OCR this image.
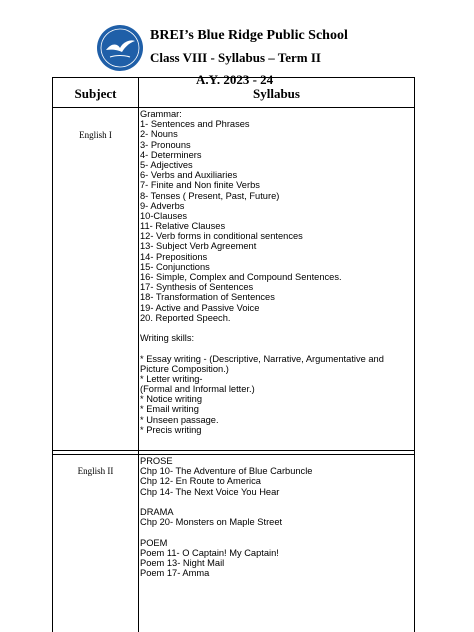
BREI’s Blue Ridge Public School
Class VIII - Syllabus – Term II
A.Y. 2023 - 24
Subject	Syllabus
English I
Grammar:
1- Sentences and Phrases
2- Nouns
3- Pronouns
4- Determiners
5- Adjectives
6- Verbs and Auxiliaries
7- Finite and Non finite Verbs
8- Tenses ( Present, Past, Future)
9- Adverbs
10-Clauses
11- Relative Clauses
12- Verb forms in conditional sentences
13- Subject Verb Agreement
14- Prepositions
15- Conjunctions
16- Simple, Complex and Compound Sentences.
17- Synthesis of Sentences
18- Transformation of Sentences
19- Active and Passive Voice
20. Reported Speech.
Writing skills:
* Essay writing - (Descriptive, Narrative, Argumentative and
Picture Composition.)
* Letter writing-
(Formal and Informal letter.)
* Notice writing
* Email writing
* Unseen passage.
* Precis writing
English II
PROSE
Chp 10- The Adventure of Blue Carbuncle
Chp 12- En Route to America
Chp 14- The Next Voice You Hear
DRAMA
Chp 20- Monsters on Maple Street
POEM
Poem 11- O Captain! My Captain!
Poem 13- Night Mail
Poem 17- Amma
